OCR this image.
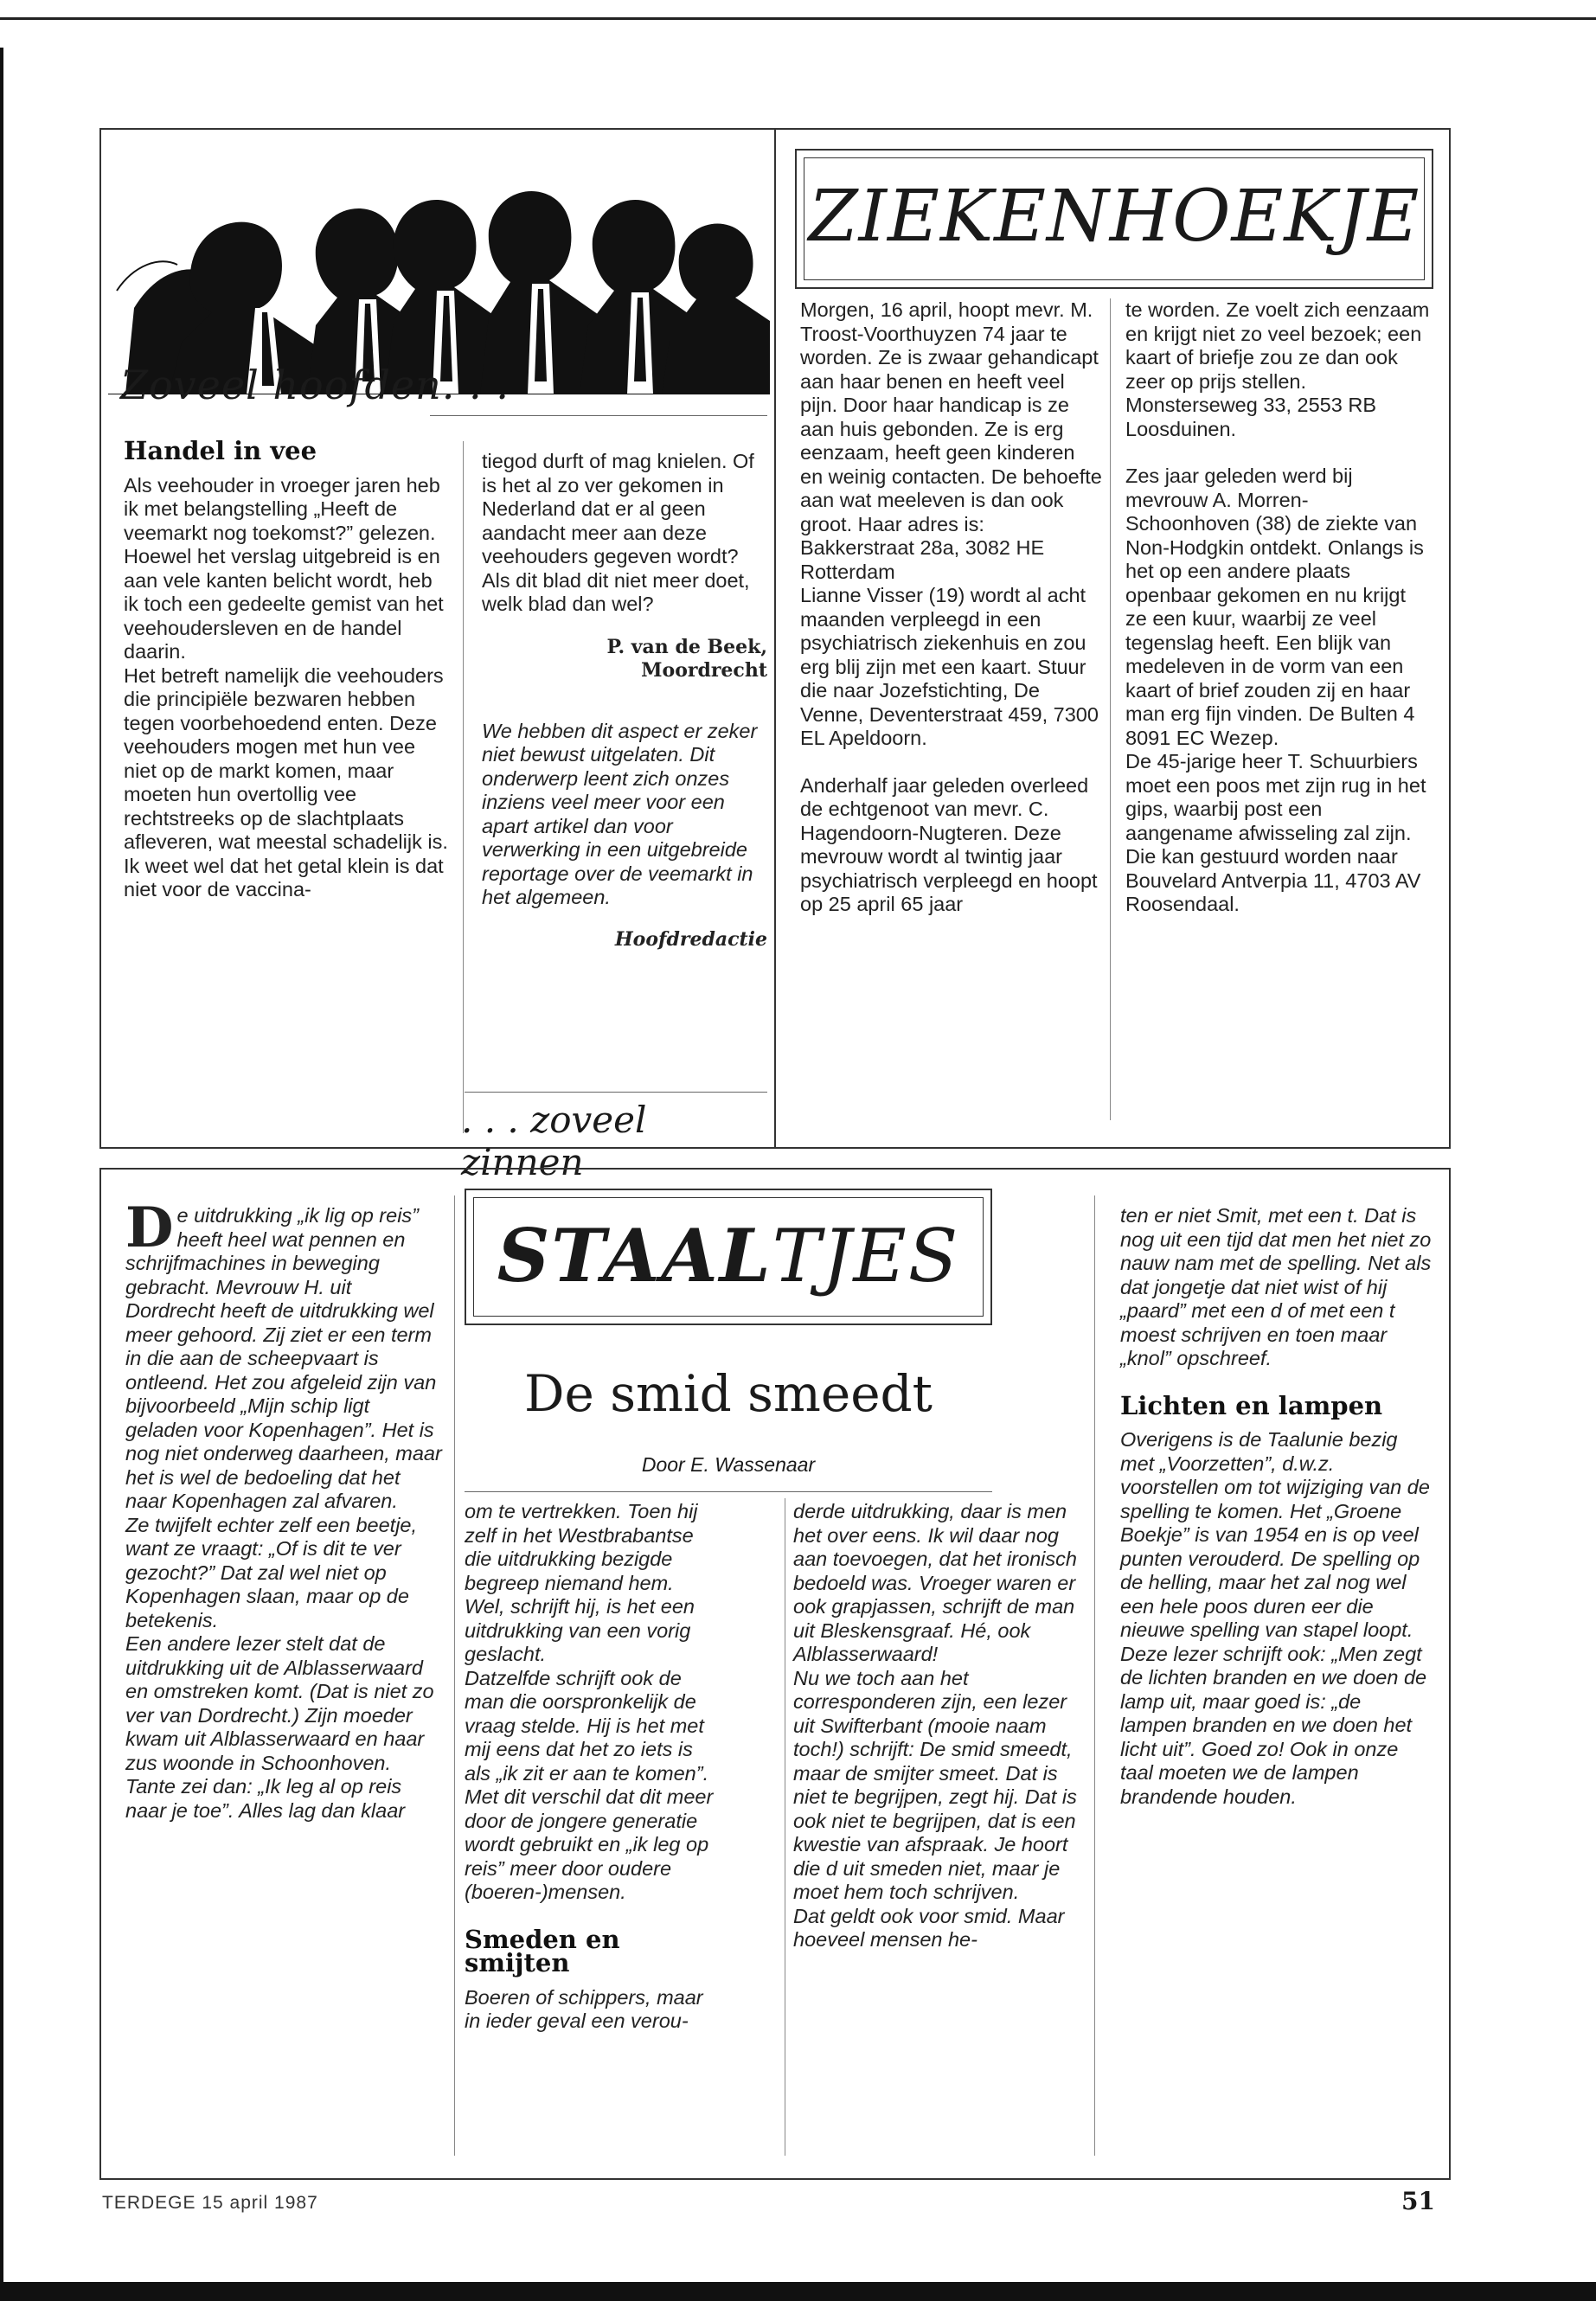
Zoveel hoofden. . .
Handel in vee

Als veehouder in vroeger jaren heb ik met belangstelling „Heeft de veemarkt nog toekomst?” gelezen. Hoewel het verslag uitgebreid is en aan vele kanten belicht wordt, heb ik toch een gedeelte gemist van het veehoudersleven en de handel daarin.

Het betreft namelijk die veehouders die principiële bezwaren hebben tegen voorbehoedend enten. Deze veehouders mogen met hun vee niet op de markt komen, maar moeten hun overtollig vee rechtstreeks op de slachtplaats afleveren, wat meestal schadelijk is. Ik weet wel dat het getal klein is dat niet voor de vaccina-

tiegod durft of mag knielen. Of is het al zo ver gekomen in Nederland dat er al geen aandacht meer aan deze veehouders gegeven wordt? Als dit blad dit niet meer doet, welk blad dan wel?

P. van de Beek,
Moordrecht

We hebben dit aspect er zeker niet bewust uitgelaten. Dit onderwerp leent zich onzes inziens veel meer voor een apart artikel dan voor verwerking in een uitgebreide reportage over de veemarkt in het algemeen.

Hoofdredactie
. . . zoveel zinnen
ZIEKENHOEKJE

Morgen, 16 april, hoopt mevr. M. Troost-Voorthuyzen 74 jaar te worden. Ze is zwaar gehandicapt aan haar benen en heeft veel pijn. Door haar handicap is ze aan huis gebonden. Ze is erg eenzaam, heeft geen kinderen en weinig contacten. De behoefte aan wat meeleven is dan ook groot. Haar adres is: Bakkerstraat 28a, 3082 HE Rotterdam

Lianne Visser (19) wordt al acht maanden verpleegd in een psychiatrisch ziekenhuis en zou erg blij zijn met een kaart. Stuur die naar Jozefstichting, De Venne, Deventerstraat 459, 7300 EL Apeldoorn.

Anderhalf jaar geleden overleed de echtgenoot van mevr. C. Hagendoorn-Nugteren. Deze mevrouw wordt al twintig jaar psychiatrisch verpleegd en hoopt op 25 april 65 jaar

te worden. Ze voelt zich eenzaam en krijgt niet zo veel bezoek; een kaart of briefje zou ze dan ook zeer op prijs stellen. Monsterseweg 33, 2553 RB Loosduinen.

Zes jaar geleden werd bij mevrouw A. Morren-Schoonhoven (38) de ziekte van Non-Hodgkin ontdekt. Onlangs is het op een andere plaats openbaar gekomen en nu krijgt ze een kuur, waarbij ze veel tegenslag heeft. Een blijk van medeleven in de vorm van een kaart of brief zouden zij en haar man erg fijn vinden. De Bulten 4 8091 EC Wezep.

De 45-jarige heer T. Schuurbiers moet een poos met zijn rug in het gips, waarbij post een aangename afwisseling zal zijn. Die kan gestuurd worden naar Bouvelard Antverpia 11, 4703 AV Roosendaal.

De uitdrukking „ik lig op reis” heeft heel wat pennen en schrijfmachines in beweging gebracht. Mevrouw H. uit Dordrecht heeft de uitdrukking wel meer gehoord. Zij ziet er een term in die aan de scheepvaart is ontleend. Het zou afgeleid zijn van bijvoorbeeld „Mijn schip ligt geladen voor Kopenhagen”. Het is nog niet onderweg daarheen, maar het is wel de bedoeling dat het naar Kopenhagen zal afvaren.

Ze twijfelt echter zelf een beetje, want ze vraagt: „Of is dit te ver gezocht?” Dat zal wel niet op Kopenhagen slaan, maar op de betekenis.

Een andere lezer stelt dat de uitdrukking uit de Alblasserwaard en omstreken komt. (Dat is niet zo ver van Dordrecht.) Zijn moeder kwam uit Alblasserwaard en haar zus woonde in Schoonhoven. Tante zei dan: „Ik leg al op reis naar je toe”. Alles lag dan klaar

STAALTJES
De smid smeedt
Door E. Wassenaar

om te vertrekken. Toen hij zelf in het Westbrabantse die uitdrukking bezigde begreep niemand hem. Wel, schrijft hij, is het een uitdrukking van een vorig geslacht.

Datzelfde schrijft ook de man die oorspronkelijk de vraag stelde. Hij is het met mij eens dat het zo iets is als „ik zit er aan te komen”. Met dit verschil dat dit meer door de jongere generatie wordt gebruikt en „ik leg op reis” meer door oudere (boeren-)mensen.

Smeden en smijten

Boeren of schippers, maar in ieder geval een verou-

derde uitdrukking, daar is men het over eens. Ik wil daar nog aan toevoegen, dat het ironisch bedoeld was. Vroeger waren er ook grapjassen, schrijft de man uit Bleskensgraaf. Hé, ook Alblasserwaard!

Nu we toch aan het corresponderen zijn, een lezer uit Swifterbant (mooie naam toch!) schrijft: De smid smeedt, maar de smijter smeet. Dat is niet te begrijpen, zegt hij. Dat is ook niet te begrijpen, dat is een kwestie van afspraak. Je hoort die d uit smeden niet, maar je moet hem toch schrijven.

Dat geldt ook voor smid. Maar hoeveel mensen he-

ten er niet Smit, met een t. Dat is nog uit een tijd dat men het niet zo nauw nam met de spelling. Net als dat jongetje dat niet wist of hij „paard” met een d of met een t moest schrijven en toen maar „knol” opschreef.

Lichten en lampen

Overigens is de Taalunie bezig met „Voorzetten”, d.w.z. voorstellen om tot wijziging van de spelling te komen. Het „Groene Boekje” is van 1954 en is op veel punten verouderd. De spelling op de helling, maar het zal nog wel een hele poos duren eer die nieuwe spelling van stapel loopt.

Deze lezer schrijft ook: „Men zegt de lichten branden en we doen de lamp uit, maar goed is: „de lampen branden en we doen het licht uit”. Goed zo! Ook in onze taal moeten we de lampen brandende houden.

TERDEGE 15 april 1987	51
